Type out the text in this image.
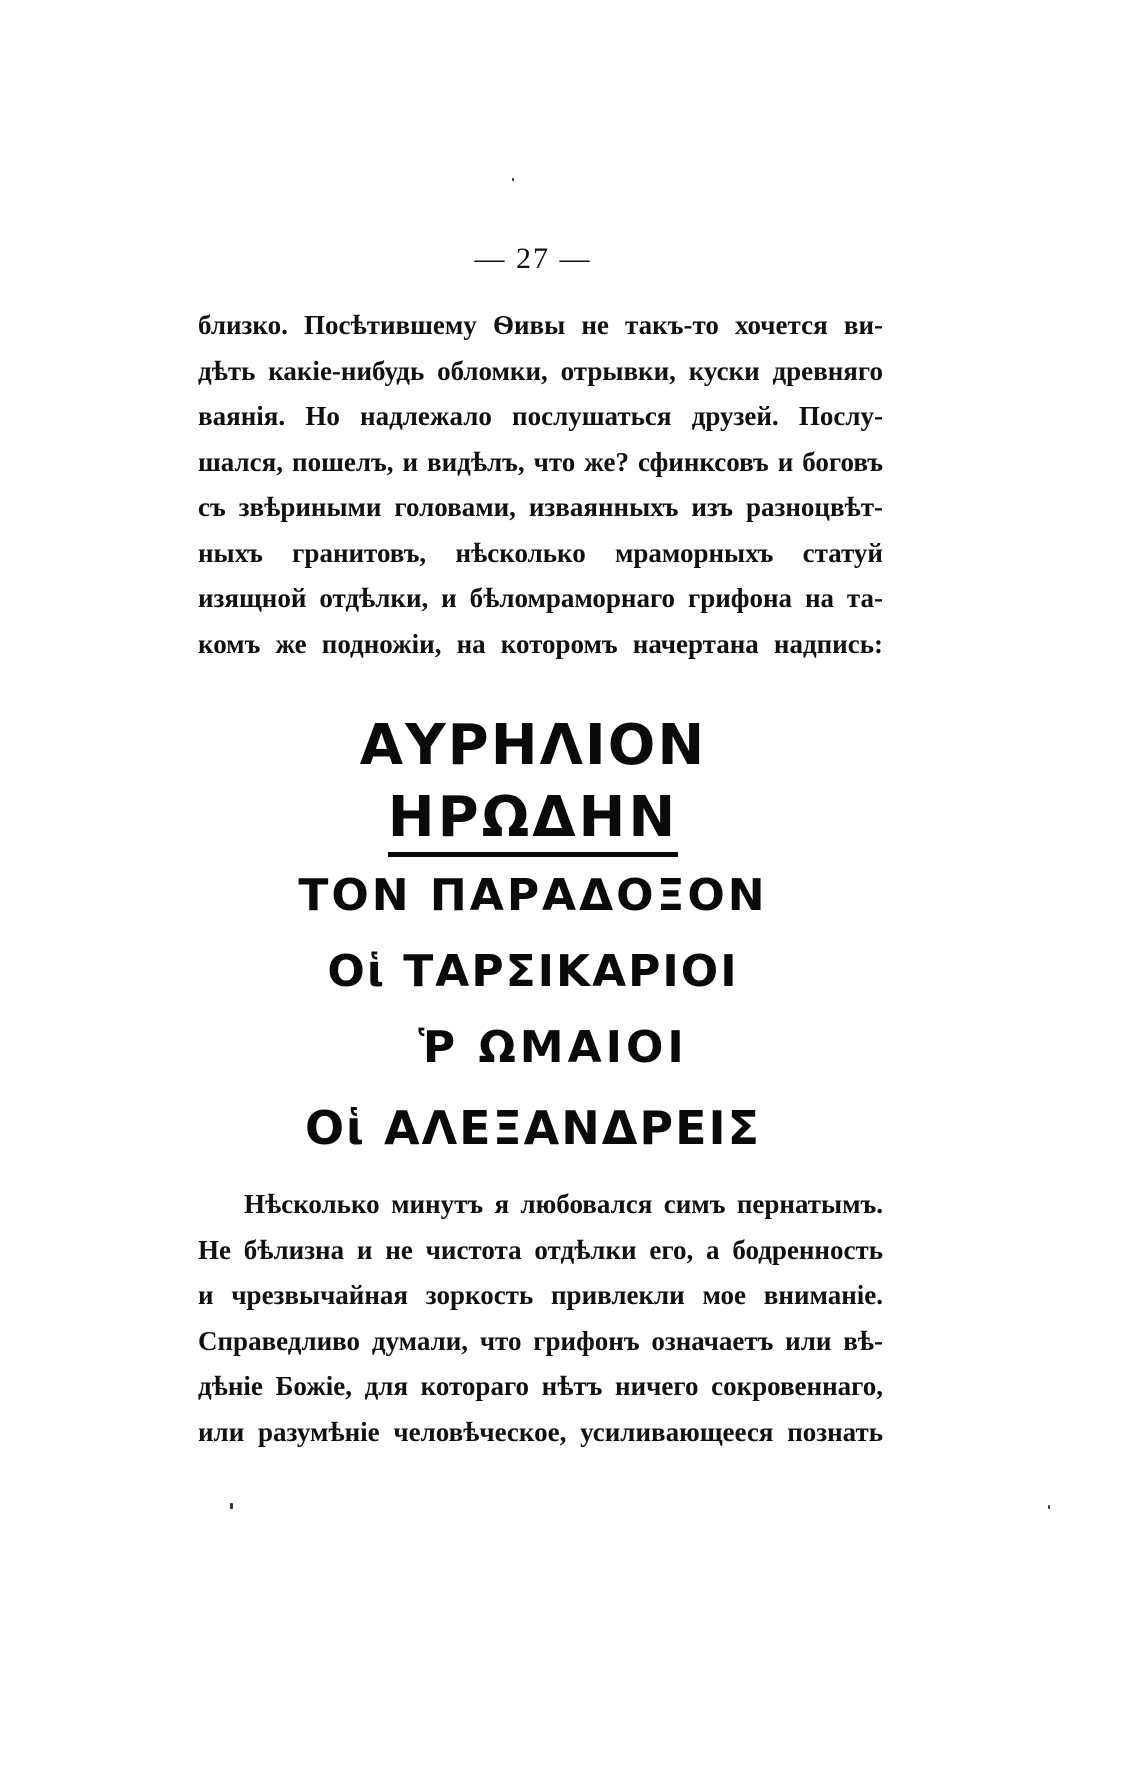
— 27 —
близко. Посѣтившему Ѳивы не такъ-то хочется ви-
дѣть какіе-нибудь обломки, отрывки, куски древняго
ваянія. Но надлежало послушаться друзей. Послу-
шался, пошелъ, и видѣлъ, что же? сфинксовъ и боговъ
съ звѣриными головами, изваянныхъ изъ разноцвѣт-
ныхъ гранитовъ, нѣсколько мраморныхъ статуй
изящной отдѣлки, и бѣломраморнаго грифона на та-
комъ же подножіи, на которомъ начертана надпись:
ΑΥΡΗΛΙΟΝ
ΗΡΩΔΗΝ
ΤΟΝ ΠΑΡΑΔΟΞΟΝ
Οἱ ΤΑΡΣΙΚΑΡΙΟΙ
Ῥ ΩΜΑΙΟΙ
Οἱ ΑΛΕΞΑΝΔΡΕΙΣ
Нѣсколько минутъ я любовался симъ пернатымъ.
Не бѣлизна и не чистота отдѣлки его, а бодренность
и чрезвычайная зоркость привлекли мое вниманіе.
Справедливо думали, что грифонъ означаетъ или вѣ-
дѣніе Божіе, для котораго нѣтъ ничего сокровеннаго,
или разумѣніе человѣческое, усиливающееся познать
